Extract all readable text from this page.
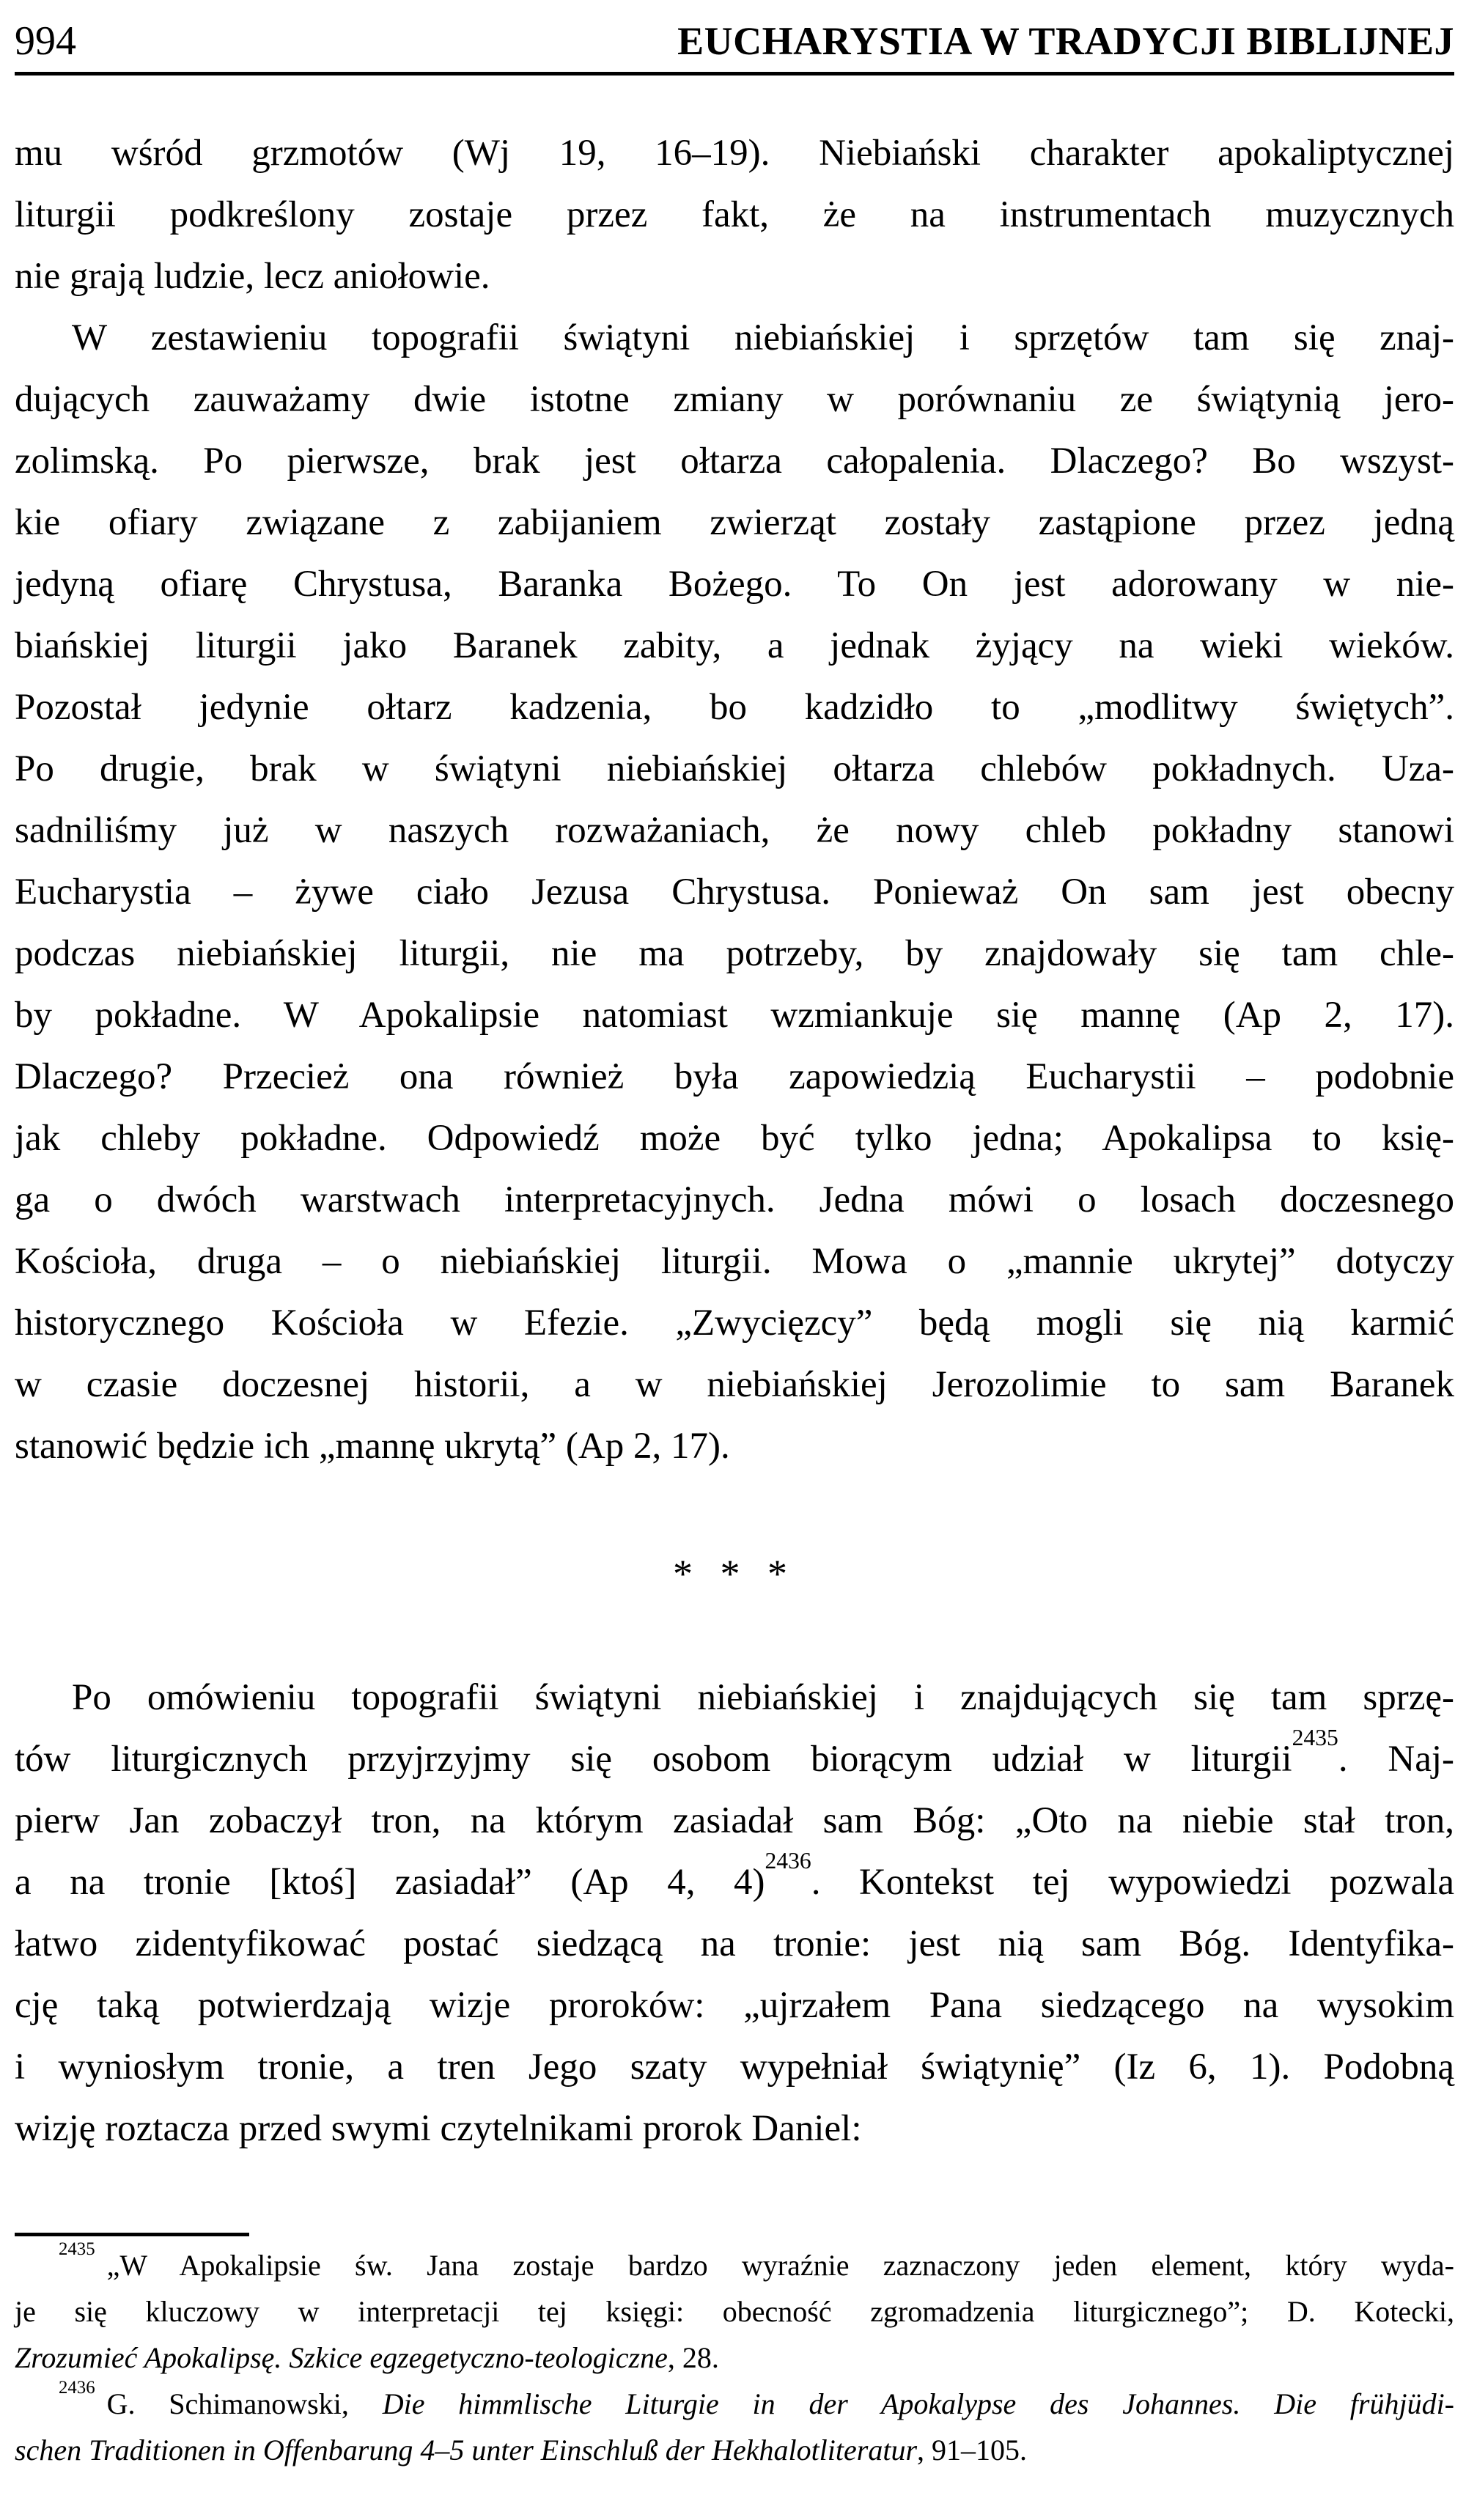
994	EUCHARYSTIA W TRADYCJI BIBLIJNEJ
mu wśród grzmotów (Wj 19, 16–19). Niebiański charakter apokaliptycznej
liturgii podkreślony zostaje przez fakt, że na instrumentach muzycznych
nie grają ludzie, lecz aniołowie.
W zestawieniu topografii świątyni niebiańskiej i sprzętów tam się znaj-
dujących zauważamy dwie istotne zmiany w porównaniu ze świątynią jero-
zolimską. Po pierwsze, brak jest ołtarza całopalenia. Dlaczego? Bo wszyst-
kie ofiary związane z zabijaniem zwierząt zostały zastąpione przez jedną
jedyną ofiarę Chrystusa, Baranka Bożego. To On jest adorowany w nie-
biańskiej liturgii jako Baranek zabity, a jednak żyjący na wieki wieków.
Pozostał jedynie ołtarz kadzenia, bo kadzidło to „modlitwy świętych”.
Po drugie, brak w świątyni niebiańskiej ołtarza chlebów pokładnych. Uza-
sadniliśmy już w naszych rozważaniach, że nowy chleb pokładny stanowi
Eucharystia – żywe ciało Jezusa Chrystusa. Ponieważ On sam jest obecny
podczas niebiańskiej liturgii, nie ma potrzeby, by znajdowały się tam chle-
by pokładne. W Apokalipsie natomiast wzmiankuje się mannę (Ap 2, 17).
Dlaczego? Przecież ona również była zapowiedzią Eucharystii – podobnie
jak chleby pokładne. Odpowiedź może być tylko jedna; Apokalipsa to księ-
ga o dwóch warstwach interpretacyjnych. Jedna mówi o losach doczesnego
Kościoła, druga – o niebiańskiej liturgii. Mowa o „mannie ukrytej” dotyczy
historycznego Kościoła w Efezie. „Zwycięzcy” będą mogli się nią karmić
w czasie doczesnej historii, a w niebiańskiej Jerozolimie to sam Baranek
stanowić będzie ich „mannę ukrytą” (Ap 2, 17).
* * *
Po omówieniu topografii świątyni niebiańskiej i znajdujących się tam sprzę-
tów liturgicznych przyjrzyjmy się osobom biorącym udział w liturgii$^{2435}$. Naj-
pierw Jan zobaczył tron, na którym zasiadał sam Bóg: „Oto na niebie stał tron,
a na tronie [ktoś] zasiadał” (Ap 4, 4)$^{2436}$. Kontekst tej wypowiedzi pozwala
łatwo zidentyfikować postać siedzącą na tronie: jest nią sam Bóg. Identyfika-
cję taką potwierdzają wizje proroków: „ujrzałem Pana siedzącego na wysokim
i wyniosłym tronie, a tren Jego szaty wypełniał świątynię” (Iz 6, 1). Podobną
wizję roztacza przed swymi czytelnikami prorok Daniel:
$^{2435}$ „W Apokalipsie św. Jana zostaje bardzo wyraźnie zaznaczony jeden element, który wyda-
je się kluczowy w interpretacji tej księgi: obecność zgromadzenia liturgicznego”; D. Kotecki,
Zrozumieć Apokalipsę. Szkice egzegetyczno-teologiczne, 28.
$^{2436}$ G. Schimanowski, Die himmlische Liturgie in der Apokalypse des Johannes. Die frühjüdi-
schen Traditionen in Offenbarung 4–5 unter Einschluß der Hekhalotliteratur, 91–105.
